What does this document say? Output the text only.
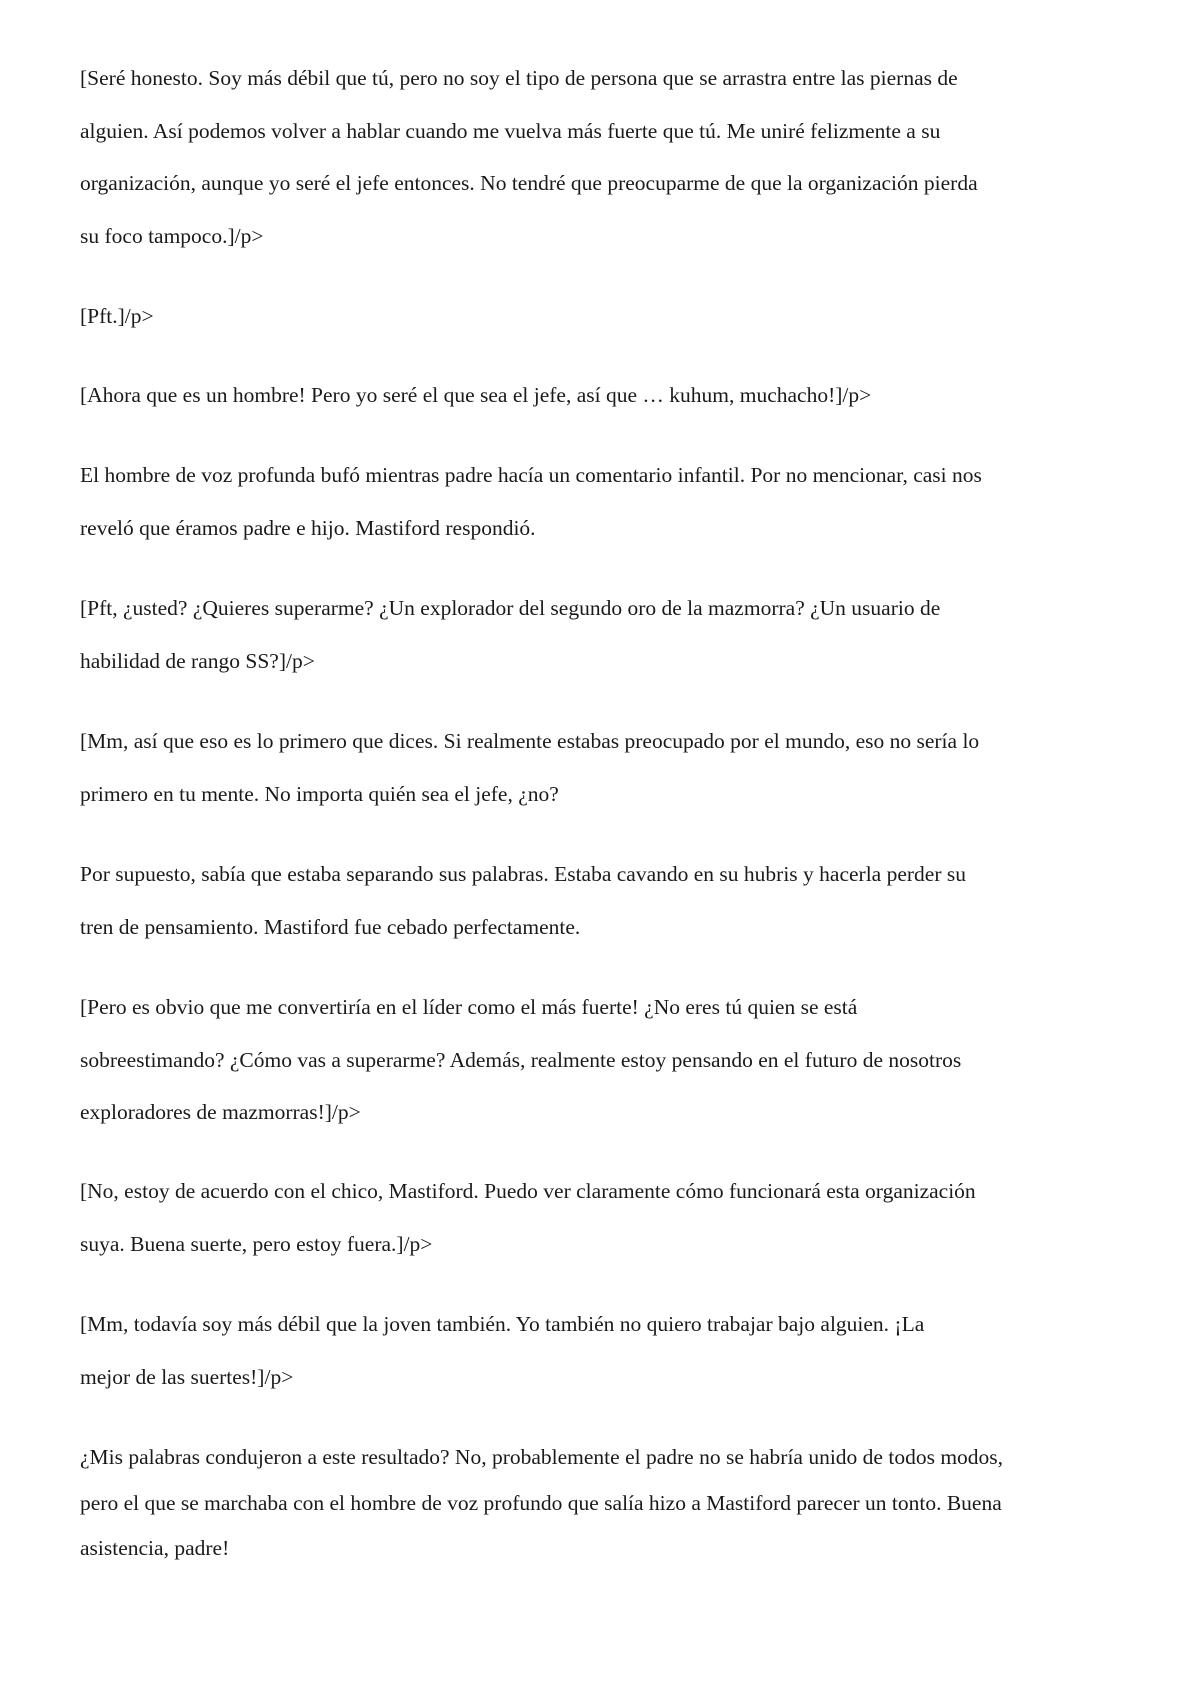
[Seré honesto. Soy más débil que tú, pero no soy el tipo de persona que se arrastra entre las piernas de
alguien. Así podemos volver a hablar cuando me vuelva más fuerte que tú. Me uniré felizmente a su
organización, aunque yo seré el jefe entonces. No tendré que preocuparme de que la organización pierda
su foco tampoco.]/p>

[Pft.]/p>

[Ahora que es un hombre! Pero yo seré el que sea el jefe, así que … kuhum, muchacho!]/p>

El hombre de voz profunda bufó mientras padre hacía un comentario infantil. Por no mencionar, casi nos
reveló que éramos padre e hijo. Mastiford respondió.

[Pft, ¿usted? ¿Quieres superarme? ¿Un explorador del segundo oro de la mazmorra? ¿Un usuario de
habilidad de rango SS?]/p>

[Mm, así que eso es lo primero que dices. Si realmente estabas preocupado por el mundo, eso no sería lo
primero en tu mente. No importa quién sea el jefe, ¿no?

Por supuesto, sabía que estaba separando sus palabras. Estaba cavando en su hubris y hacerla perder su
tren de pensamiento. Mastiford fue cebado perfectamente.

[Pero es obvio que me convertiría en el líder como el más fuerte! ¿No eres tú quien se está
sobreestimando? ¿Cómo vas a superarme? Además, realmente estoy pensando en el futuro de nosotros
exploradores de mazmorras!]/p>

[No, estoy de acuerdo con el chico, Mastiford. Puedo ver claramente cómo funcionará esta organización
suya. Buena suerte, pero estoy fuera.]/p>

[Mm, todavía soy más débil que la joven también. Yo también no quiero trabajar bajo alguien. ¡La
mejor de las suertes!]/p>

¿Mis palabras condujeron a este resultado? No, probablemente el padre no se habría unido de todos modos,
pero el que se marchaba con el hombre de voz profundo que salía hizo a Mastiford parecer un tonto. Buena
asistencia, padre!
